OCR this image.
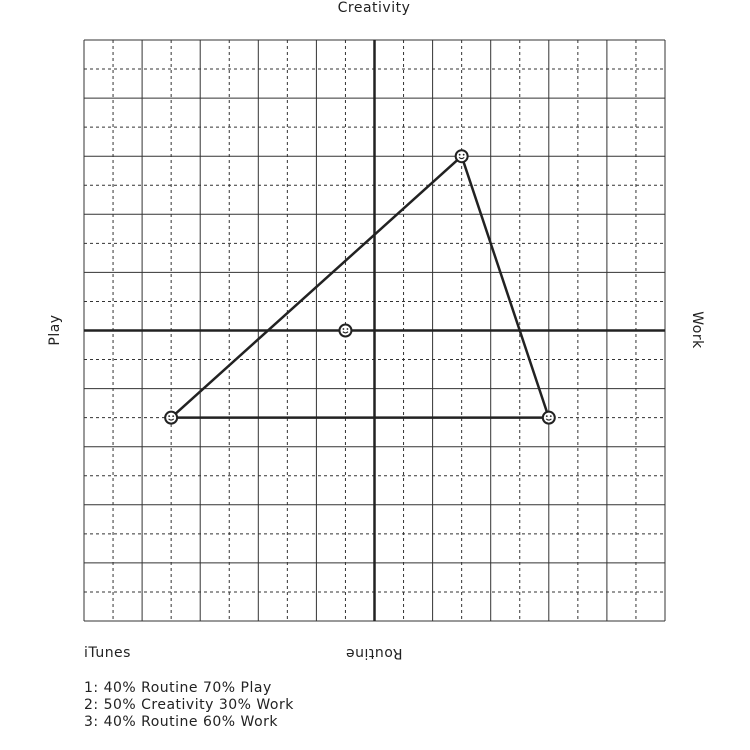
Creativity
Routine
Play	Work
iTunes
1: 40% Routine 70% Play
2: 50% Creativity 30% Work
3: 40% Routine 60% Work
